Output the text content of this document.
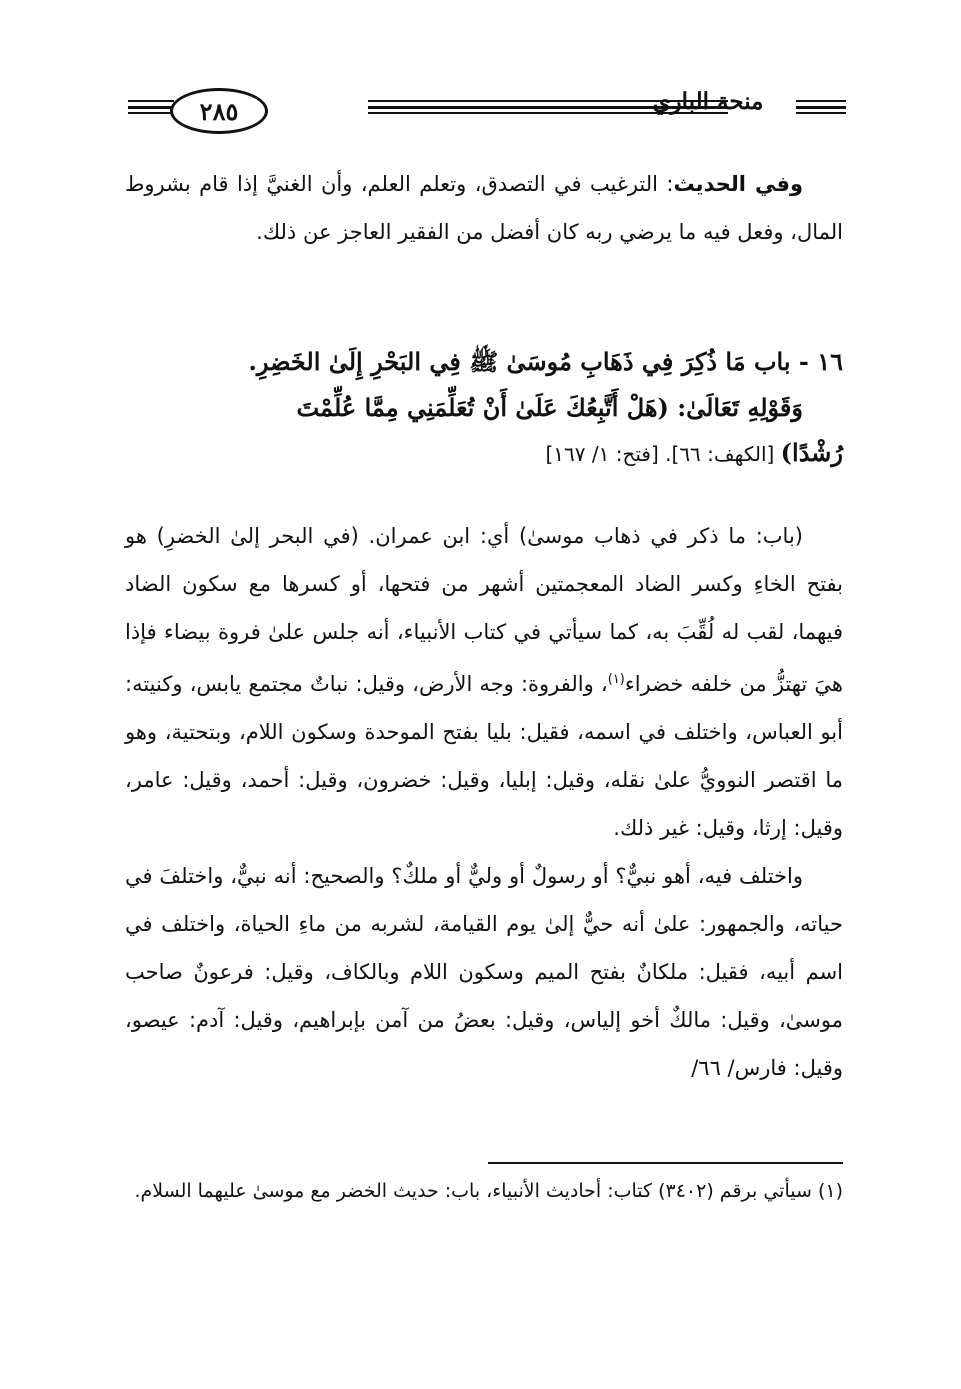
٢٨٥	منحة الباري

وفي الحديث: الترغيب في التصدق، وتعلم العلم، وأن الغنيَّ إذا قام بشروط المال، وفعل فيه ما يرضي ربه كان أفضل من الفقير العاجز عن ذلك.

١٦ - باب مَا ذُكِرَ فِي ذَهَابِ مُوسَىٰ ﷺ فِي البَحْرِ إِلَىٰ الخَضِرِ.

وَقَوْلِهِ تَعَالَىٰ: (هَلْ أَتَّبِعُكَ عَلَىٰ أَنْ تُعَلِّمَنِي مِمَّا عُلِّمْتَ

رُشْدًا) [الكهف: ٦٦]. [فتح: ١/ ١٦٧]

(باب: ما ذكر في ذهاب موسىٰ) أي: ابن عمران. (في البحر إلىٰ الخضرِ) هو بفتح الخاءِ وكسر الضاد المعجمتين أشهر من فتحها، أو كسرها مع سكون الضاد فيهما، لقب له لُقِّبَ به، كما سيأتي في كتاب الأنبياء، أنه جلس علىٰ فروة بيضاء فإذا هيَ تهتزُّ من خلفه خضراء$^{(١)}$، والفروة: وجه الأرض، وقيل: نباتٌ مجتمع يابس، وكنيته: أبو العباس، واختلف في اسمه، فقيل: بليا بفتح الموحدة وسكون اللام، وبتحتية، وهو ما اقتصر النوويُّ علىٰ نقله، وقيل: إبليا، وقيل: خضرون، وقيل: أحمد، وقيل: عامر، وقيل: إرثا، وقيل: غير ذلك.

واختلف فيه، أهو نبيٌّ؟ أو رسولٌ أو وليٌّ أو ملكٌ؟ والصحيح: أنه نبيٌّ، واختلفَ في حياته، والجمهور: علىٰ أنه حيٌّ إلىٰ يوم القيامة، لشربه من ماءِ الحياة، واختلف في اسم أبيه، فقيل: ملكانٌ بفتح الميم وسكون اللام وبالكاف، وقيل: فرعونٌ صاحب موسىٰ، وقيل: مالكٌ أخو إلياس، وقيل: بعضُ من آمن بإبراهيم، وقيل: آدم: عيصو، وقيل: فارس/ ٦٦/

(١) سيأتي برقم (٣٤٠٢) كتاب: أحاديث الأنبياء، باب: حديث الخضر مع موسىٰ عليهما السلام.
